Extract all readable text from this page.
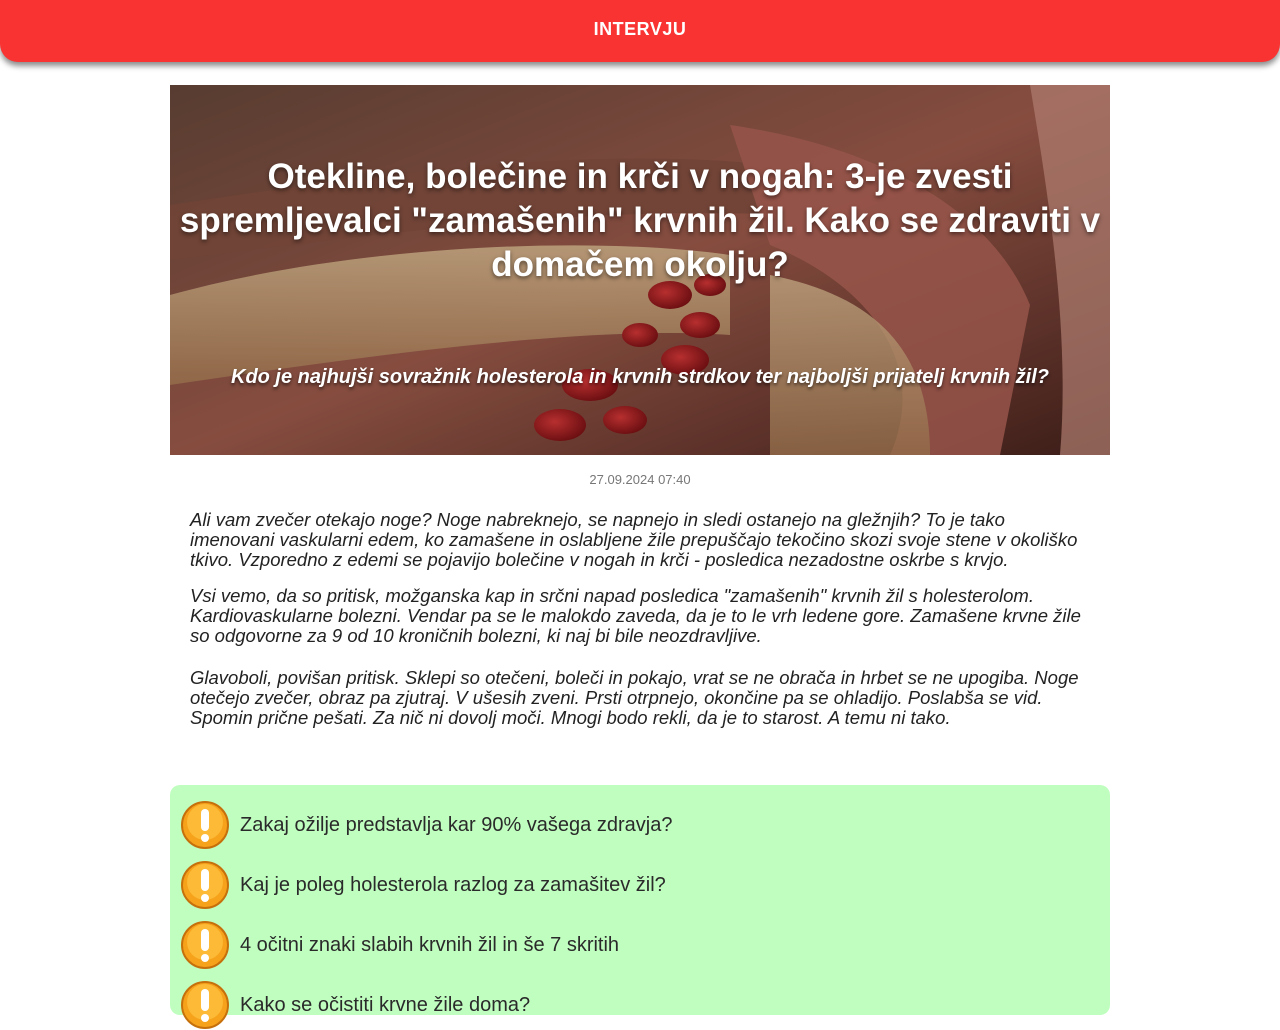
INTERVJU
Otekline, bolečine in krči v nogah: 3-je zvesti spremljevalci "zamašenih" krvnih žil. Kako se zdraviti v domačem okolju?
Kdo je najhujši sovražnik holesterola in krvnih strdkov ter najboljši prijatelj krvnih žil?
27.09.2024 07:40

Ali vam zvečer otekajo noge? Noge nabreknejo, se napnejo in sledi ostanejo na gležnjih? To je tako imenovani vaskularni edem, ko zamašene in oslabljene žile prepuščajo tekočino skozi svoje stene v okoliško tkivo. Vzporedno z edemi se pojavijo bolečine v nogah in krči - posledica nezadostne oskrbe s krvjo.

Vsi vemo, da so pritisk, možganska kap in srčni napad posledica "zamašenih" krvnih žil s holesterolom. Kardiovaskularne bolezni. Vendar pa se le malokdo zaveda, da je to le vrh ledene gore. Zamašene krvne žile so odgovorne za 9 od 10 kroničnih bolezni, ki naj bi bile neozdravljive.

Glavoboli, povišan pritisk. Sklepi so otečeni, boleči in pokajo, vrat se ne obrača in hrbet se ne upogiba. Noge otečejo zvečer, obraz pa zjutraj. V ušesih zveni. Prsti otrpnejo, okončine pa se ohladijo. Poslabša se vid. Spomin prične pešati. Za nič ni dovolj moči. Mnogi bodo rekli, da je to starost. A temu ni tako.

Zakaj ožilje predstavlja kar 90% vašega zdravja?
Kaj je poleg holesterola razlog za zamašitev žil?
4 očitni znaki slabih krvnih žil in še 7 skritih
Kako se očistiti krvne žile doma?
